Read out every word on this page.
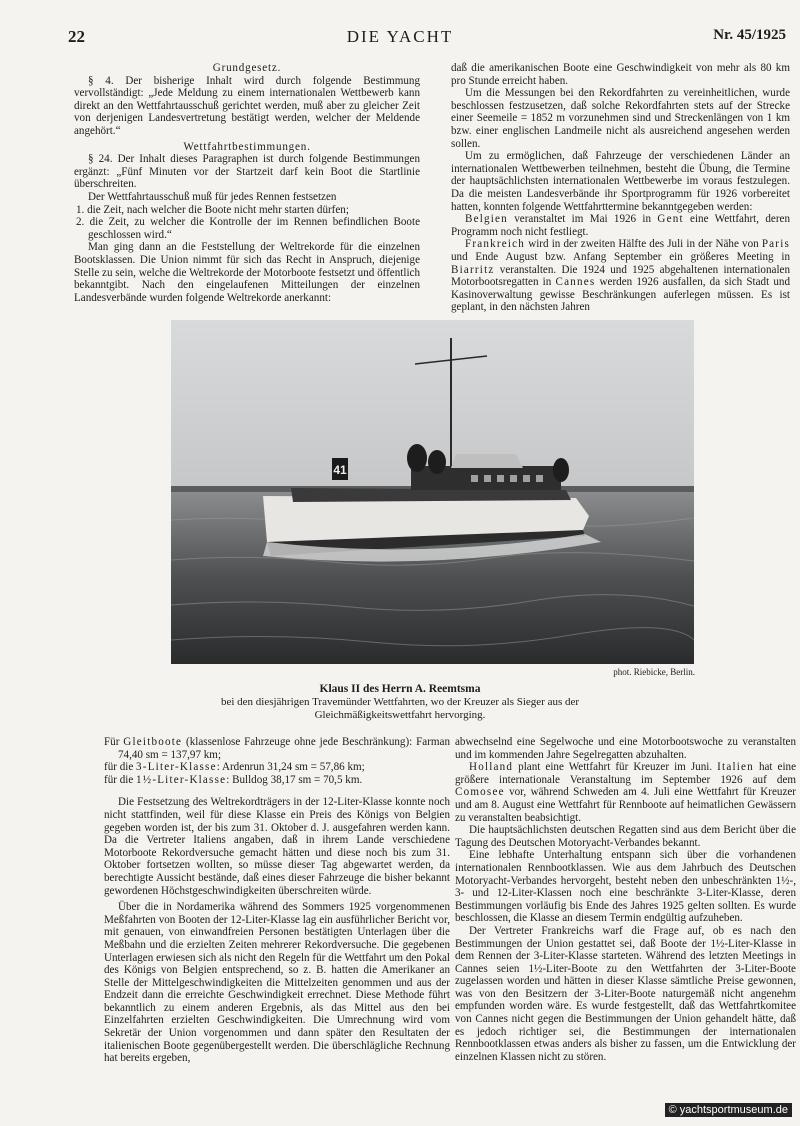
22	DIE YACHT	Nr. 45/1925

Grundgesetz.

§ 4. Der bisherige Inhalt wird durch folgende Bestimmung vervollständigt: „Jede Meldung zu einem internationalen Wettbewerb kann direkt an den Wettfahrtausschuß gerichtet werden, muß aber zu gleicher Zeit von derjenigen Landesvertretung bestätigt werden, welcher der Meldende angehört.“

Wettfahrtbestimmungen.

§ 24. Der Inhalt dieses Paragraphen ist durch folgende Bestimmungen ergänzt: „Fünf Minuten vor der Startzeit darf kein Boot die Startlinie überschreiten.

Der Wettfahrtausschuß muß für jedes Rennen festsetzen

1. die Zeit, nach welcher die Boote nicht mehr starten dürfen;

2. die Zeit, zu welcher die Kontrolle der im Rennen befindlichen Boote geschlossen wird.“

Man ging dann an die Feststellung der Weltrekorde für die einzelnen Bootsklassen. Die Union nimmt für sich das Recht in Anspruch, diejenige Stelle zu sein, welche die Weltrekorde der Motorboote festsetzt und öffentlich bekanntgibt. Nach den eingelaufenen Mitteilungen der einzelnen Landesverbände wurden folgende Weltrekorde anerkannt:

daß die amerikanischen Boote eine Geschwindigkeit von mehr als 80 km pro Stunde erreicht haben.

Um die Messungen bei den Rekordfahrten zu vereinheitlichen, wurde beschlossen festzusetzen, daß solche Rekordfahrten stets auf der Strecke einer Seemeile = 1852 m vorzunehmen sind und Streckenlängen von 1 km bzw. einer englischen Landmeile nicht als ausreichend angesehen werden sollen.

Um zu ermöglichen, daß Fahrzeuge der verschiedenen Länder an internationalen Wettbewerben teilnehmen, besteht die Übung, die Termine der hauptsächlichsten internationalen Wettbewerbe im voraus festzulegen. Da die meisten Landesverbände ihr Sportprogramm für 1926 vorbereitet hatten, konnten folgende Wettfahrttermine bekanntgegeben werden:

Belgien veranstaltet im Mai 1926 in Gent eine Wettfahrt, deren Programm noch nicht festliegt.

Frankreich wird in der zweiten Hälfte des Juli in der Nähe von Paris und Ende August bzw. Anfang September ein größeres Meeting in Biarritz veranstalten. Die 1924 und 1925 abgehaltenen internationalen Motorbootsregatten in Cannes werden 1926 ausfallen, da sich Stadt und Kasinoverwaltung gewisse Beschränkungen auferlegen müssen. Es ist geplant, in den nächsten Jahren

41
phot. Riebicke, Berlin.
Klaus II des Herrn A. Reemtsma
bei den diesjährigen Travemünder Wettfahrten, wo der Kreuzer als Sieger aus der
Gleichmäßigkeitswettfahrt hervorging.

Für Gleitboote (klassenlose Fahrzeuge ohne jede Beschränkung): Farman 74,40 sm = 137,97 km;

für die 3-Liter-Klasse: Ardenrun 31,24 sm = 57,86 km;

für die 1½-Liter-Klasse: Bulldog 38,17 sm = 70,5 km.

Die Festsetzung des Weltrekordträgers in der 12-Liter-Klasse konnte noch nicht stattfinden, weil für diese Klasse ein Preis des Königs von Belgien gegeben worden ist, der bis zum 31. Oktober d. J. ausgefahren werden kann. Da die Vertreter Italiens angaben, daß in ihrem Lande verschiedene Motorboote Rekordversuche gemacht hätten und diese noch bis zum 31. Oktober fortsetzen wollten, so müsse dieser Tag abgewartet werden, da berechtigte Aussicht bestände, daß eines dieser Fahrzeuge die bisher bekannt gewordenen Höchstgeschwindigkeiten überschreiten würde.

Über die in Nordamerika während des Sommers 1925 vorgenommenen Meßfahrten von Booten der 12-Liter-Klasse lag ein ausführlicher Bericht vor, mit genauen, von einwandfreien Personen bestätigten Unterlagen über die Meßbahn und die erzielten Zeiten mehrerer Rekordversuche. Die gegebenen Unterlagen erwiesen sich als nicht den Regeln für die Wettfahrt um den Pokal des Königs von Belgien entsprechend, so z. B. hatten die Amerikaner an Stelle der Mittelgeschwindigkeiten die Mittelzeiten genommen und aus der Endzeit dann die erreichte Geschwindigkeit errechnet. Diese Methode führt bekanntlich zu einem anderen Ergebnis, als das Mittel aus den bei Einzelfahrten erzielten Geschwindigkeiten. Die Umrechnung wird vom Sekretär der Union vorgenommen und dann später den Resultaten der italienischen Boote gegenübergestellt werden. Die überschlägliche Rechnung hat bereits ergeben,

abwechselnd eine Segelwoche und eine Motorbootswoche zu veranstalten und im kommenden Jahre Segelregatten abzuhalten.

Holland plant eine Wettfahrt für Kreuzer im Juni. Italien hat eine größere internationale Veranstaltung im September 1926 auf dem Comosee vor, während Schweden am 4. Juli eine Wettfahrt für Kreuzer und am 8. August eine Wettfahrt für Rennboote auf heimatlichen Gewässern zu veranstalten beabsichtigt.

Die hauptsächlichsten deutschen Regatten sind aus dem Bericht über die Tagung des Deutschen Motoryacht-Verbandes bekannt.

Eine lebhafte Unterhaltung entspann sich über die vorhandenen internationalen Rennbootklassen. Wie aus dem Jahrbuch des Deutschen Motoryacht-Verbandes hervorgeht, besteht neben den unbeschränkten 1½-, 3- und 12-Liter-Klassen noch eine beschränkte 3-Liter-Klasse, deren Bestimmungen vorläufig bis Ende des Jahres 1925 gelten sollten. Es wurde beschlossen, die Klasse an diesem Termin endgültig aufzuheben.

Der Vertreter Frankreichs warf die Frage auf, ob es nach den Bestimmungen der Union gestattet sei, daß Boote der 1½-Liter-Klasse in dem Rennen der 3-Liter-Klasse starteten. Während des letzten Meetings in Cannes seien 1½-Liter-Boote zu den Wettfahrten der 3-Liter-Boote zugelassen worden und hätten in dieser Klasse sämtliche Preise gewonnen, was von den Besitzern der 3-Liter-Boote naturgemäß nicht angenehm empfunden worden wäre. Es wurde festgestellt, daß das Wettfahrtkomitee von Cannes nicht gegen die Bestimmungen der Union gehandelt hätte, daß es jedoch richtiger sei, die Bestimmungen der internationalen Rennbootklassen etwas anders als bisher zu fassen, um die Entwicklung der einzelnen Klassen nicht zu stören.

© yachtsportmuseum.de
